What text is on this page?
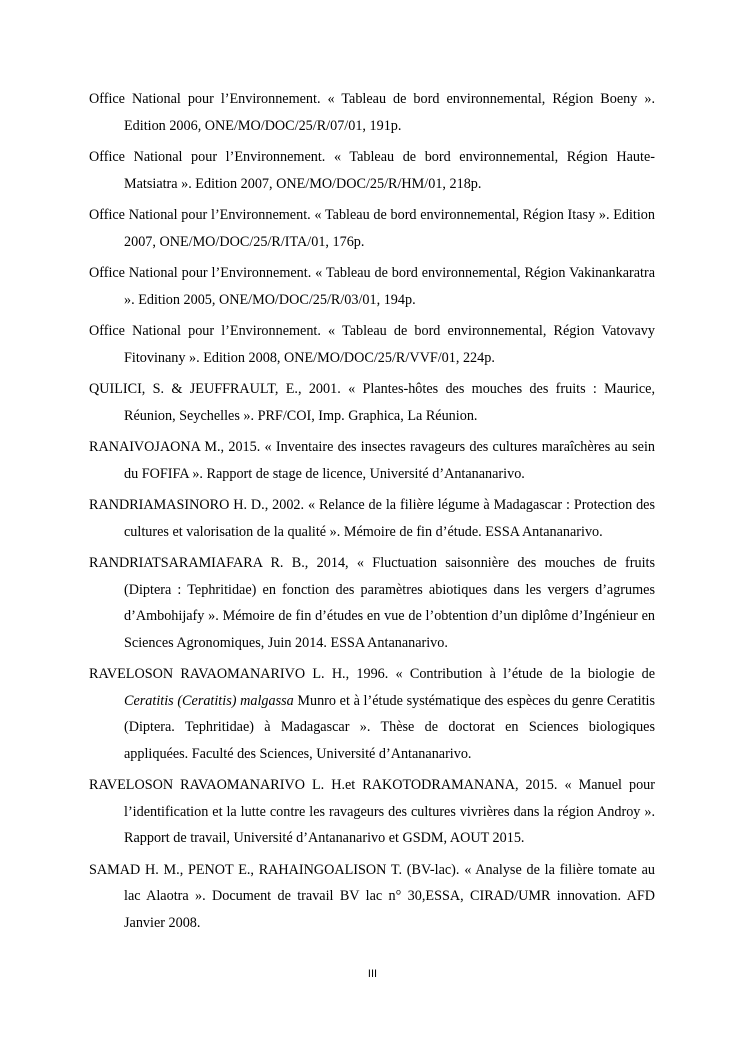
Office National pour l’Environnement. « Tableau de bord environnemental, Région Boeny ». Edition 2006, ONE/MO/DOC/25/R/07/01, 191p.

Office National pour l’Environnement. « Tableau de bord environnemental, Région Haute-Matsiatra ». Edition 2007, ONE/MO/DOC/25/R/HM/01, 218p.

Office National pour l’Environnement. « Tableau de bord environnemental, Région Itasy ». Edition 2007, ONE/MO/DOC/25/R/ITA/01, 176p.

Office National pour l’Environnement. « Tableau de bord environnemental, Région Vakinankaratra ». Edition 2005, ONE/MO/DOC/25/R/03/01, 194p.

Office National pour l’Environnement. « Tableau de bord environnemental, Région Vatovavy Fitovinany ». Edition 2008, ONE/MO/DOC/25/R/VVF/01, 224p.

QUILICI, S. & JEUFFRAULT, E., 2001. « Plantes-hôtes des mouches des fruits : Maurice, Réunion, Seychelles ». PRF/COI, Imp. Graphica, La Réunion.

RANAIVOJAONA M., 2015. « Inventaire des insectes ravageurs des cultures maraîchères au sein du FOFIFA ». Rapport de stage de licence, Université d’Antananarivo.

RANDRIAMASINORO H. D., 2002. « Relance de la filière légume à Madagascar : Protection des cultures et valorisation de la qualité ». Mémoire de fin d’étude. ESSA Antananarivo.

RANDRIATSARAMIAFARA R. B., 2014, « Fluctuation saisonnière des mouches de fruits (Diptera : Tephritidae) en fonction des paramètres abiotiques dans les vergers d’agrumes d’Ambohijafy ». Mémoire de fin d’études en vue de l’obtention d’un diplôme d’Ingénieur en Sciences Agronomiques, Juin 2014. ESSA Antananarivo.

RAVELOSON RAVAOMANARIVO L. H., 1996. « Contribution à l’étude de la biologie de Ceratitis (Ceratitis) malgassa Munro et à l’étude systématique des espèces du genre Ceratitis (Diptera. Tephritidae) à Madagascar ». Thèse de doctorat en Sciences biologiques appliquées. Faculté des Sciences, Université d’Antananarivo.

RAVELOSON RAVAOMANARIVO L. H.et RAKOTODRAMANANA, 2015. « Manuel pour l’identification et la lutte contre les ravageurs des cultures vivrières dans la région Androy ». Rapport de travail, Université d’Antananarivo et GSDM, AOUT 2015.

SAMAD H. M., PENOT E., RAHAINGOALISON T. (BV-lac). « Analyse de la filière tomate au lac Alaotra ». Document de travail BV lac n° 30,ESSA, CIRAD/UMR innovation. AFD Janvier 2008.

III
